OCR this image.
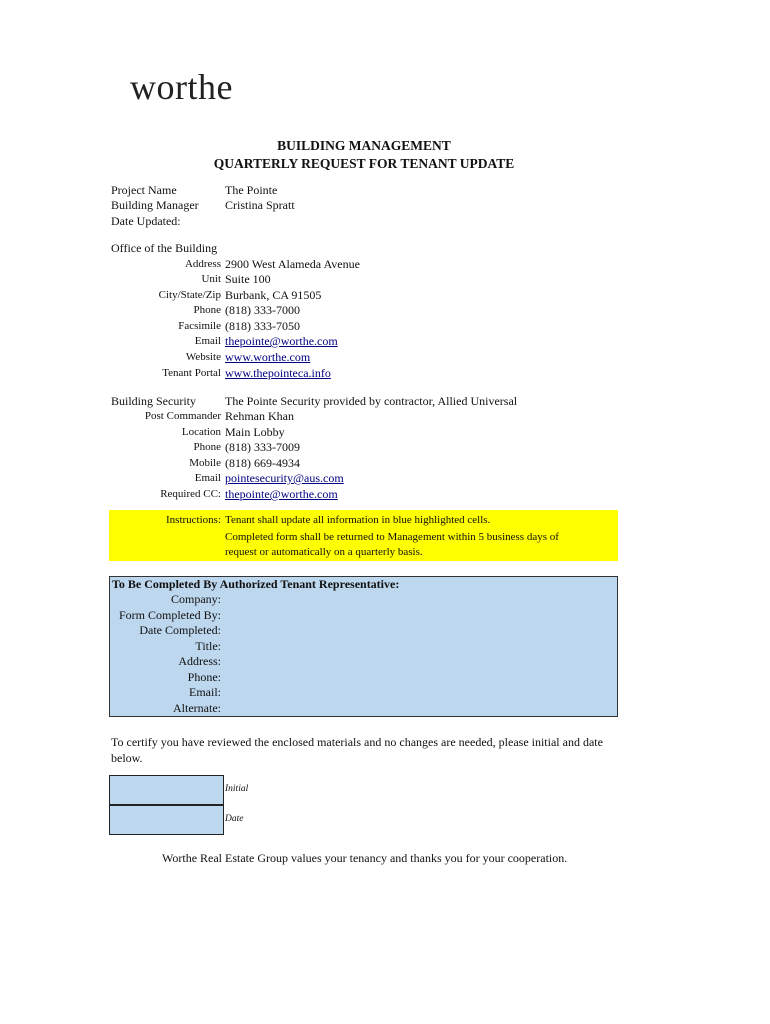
worthe
BUILDING MANAGEMENT
QUARTERLY REQUEST FOR TENANT UPDATE
Project Name	The Pointe
Building Manager Cristina Spratt
Date Updated:
Office of the Building
Address 2900 West Alameda Avenue
Unit Suite 100
City/State/Zip Burbank, CA 91505
Phone (818) 333-7000
Facsimile (818) 333-7050
Email thepointe@worthe.com
Website www.worthe.com
Tenant Portal www.thepointeca.info
Building Security The Pointe Security provided by contractor, Allied Universal
Post Commander Rehman Khan
Location Main Lobby
Phone (818) 333-7009
Mobile (818) 669-4934
Email pointesecurity@aus.com
Required CC: thepointe@worthe.com
Instructions: Tenant shall update all information in blue highlighted cells.
Completed form shall be returned to Management within 5 business days of
request or automatically on a quarterly basis.
To Be Completed By Authorized Tenant Representative:
Company:
Form Completed By:
Date Completed:
Title:
Address:
Phone:
Email:
Alternate:
To certify you have reviewed the enclosed materials and no changes are needed, please initial and date
below.
Initial
Date
Worthe Real Estate Group values your tenancy and thanks you for your cooperation.
